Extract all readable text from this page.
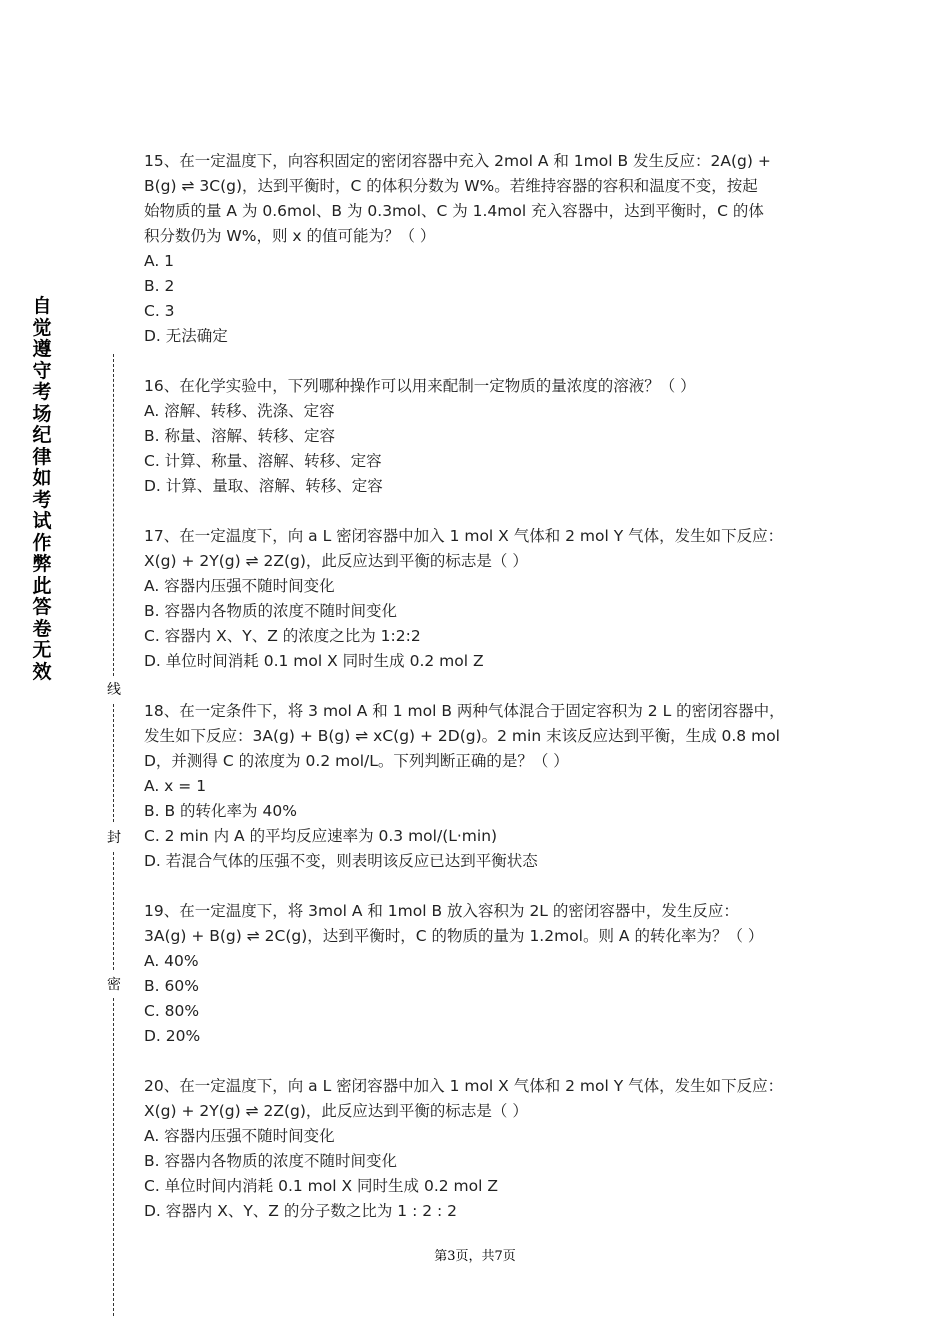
自觉遵守考场纪律如考试作弊此答卷无效
线
封
密
15、在一定温度下，向容积固定的密闭容器中充入 2mol A 和 1mol B 发生反应：2A(g) +
B(g) ⇌ 3C(g)，达到平衡时，C 的体积分数为 W%。若维持容器的容积和温度不变，按起
始物质的量 A 为 0.6mol、B 为 0.3mol、C 为 1.4mol 充入容器中，达到平衡时，C 的体
积分数仍为 W%，则 x 的值可能为？（ ）
A. 1
B. 2
C. 3
D. 无法确定
16、在化学实验中，下列哪种操作可以用来配制一定物质的量浓度的溶液？（ ）
A. 溶解、转移、洗涤、定容
B. 称量、溶解、转移、定容
C. 计算、称量、溶解、转移、定容
D. 计算、量取、溶解、转移、定容
17、在一定温度下，向 a L 密闭容器中加入 1 mol X 气体和 2 mol Y 气体，发生如下反应：
X(g) + 2Y(g) ⇌ 2Z(g)，此反应达到平衡的标志是（ ）
A. 容器内压强不随时间变化
B. 容器内各物质的浓度不随时间变化
C. 容器内 X、Y、Z 的浓度之比为 1:2:2
D. 单位时间消耗 0.1 mol X 同时生成 0.2 mol Z
18、在一定条件下，将 3 mol A 和 1 mol B 两种气体混合于固定容积为 2 L 的密闭容器中，
发生如下反应：3A(g) + B(g) ⇌ xC(g) + 2D(g)。2 min 末该反应达到平衡，生成 0.8 mol
D，并测得 C 的浓度为 0.2 mol/L。下列判断正确的是？（ ）
A. x = 1
B. B 的转化率为 40%
C. 2 min 内 A 的平均反应速率为 0.3 mol/(L·min)
D. 若混合气体的压强不变，则表明该反应已达到平衡状态
19、在一定温度下，将 3mol A 和 1mol B 放入容积为 2L 的密闭容器中，发生反应：
3A(g) + B(g) ⇌ 2C(g)，达到平衡时，C 的物质的量为 1.2mol。则 A 的转化率为？（ ）
A. 40%
B. 60%
C. 80%
D. 20%
20、在一定温度下，向 a L 密闭容器中加入 1 mol X 气体和 2 mol Y 气体，发生如下反应：
X(g) + 2Y(g) ⇌ 2Z(g)，此反应达到平衡的标志是（ ）
A. 容器内压强不随时间变化
B. 容器内各物质的浓度不随时间变化
C. 单位时间内消耗 0.1 mol X 同时生成 0.2 mol Z
D. 容器内 X、Y、Z 的分子数之比为 1 : 2 : 2
第3页，共7页
